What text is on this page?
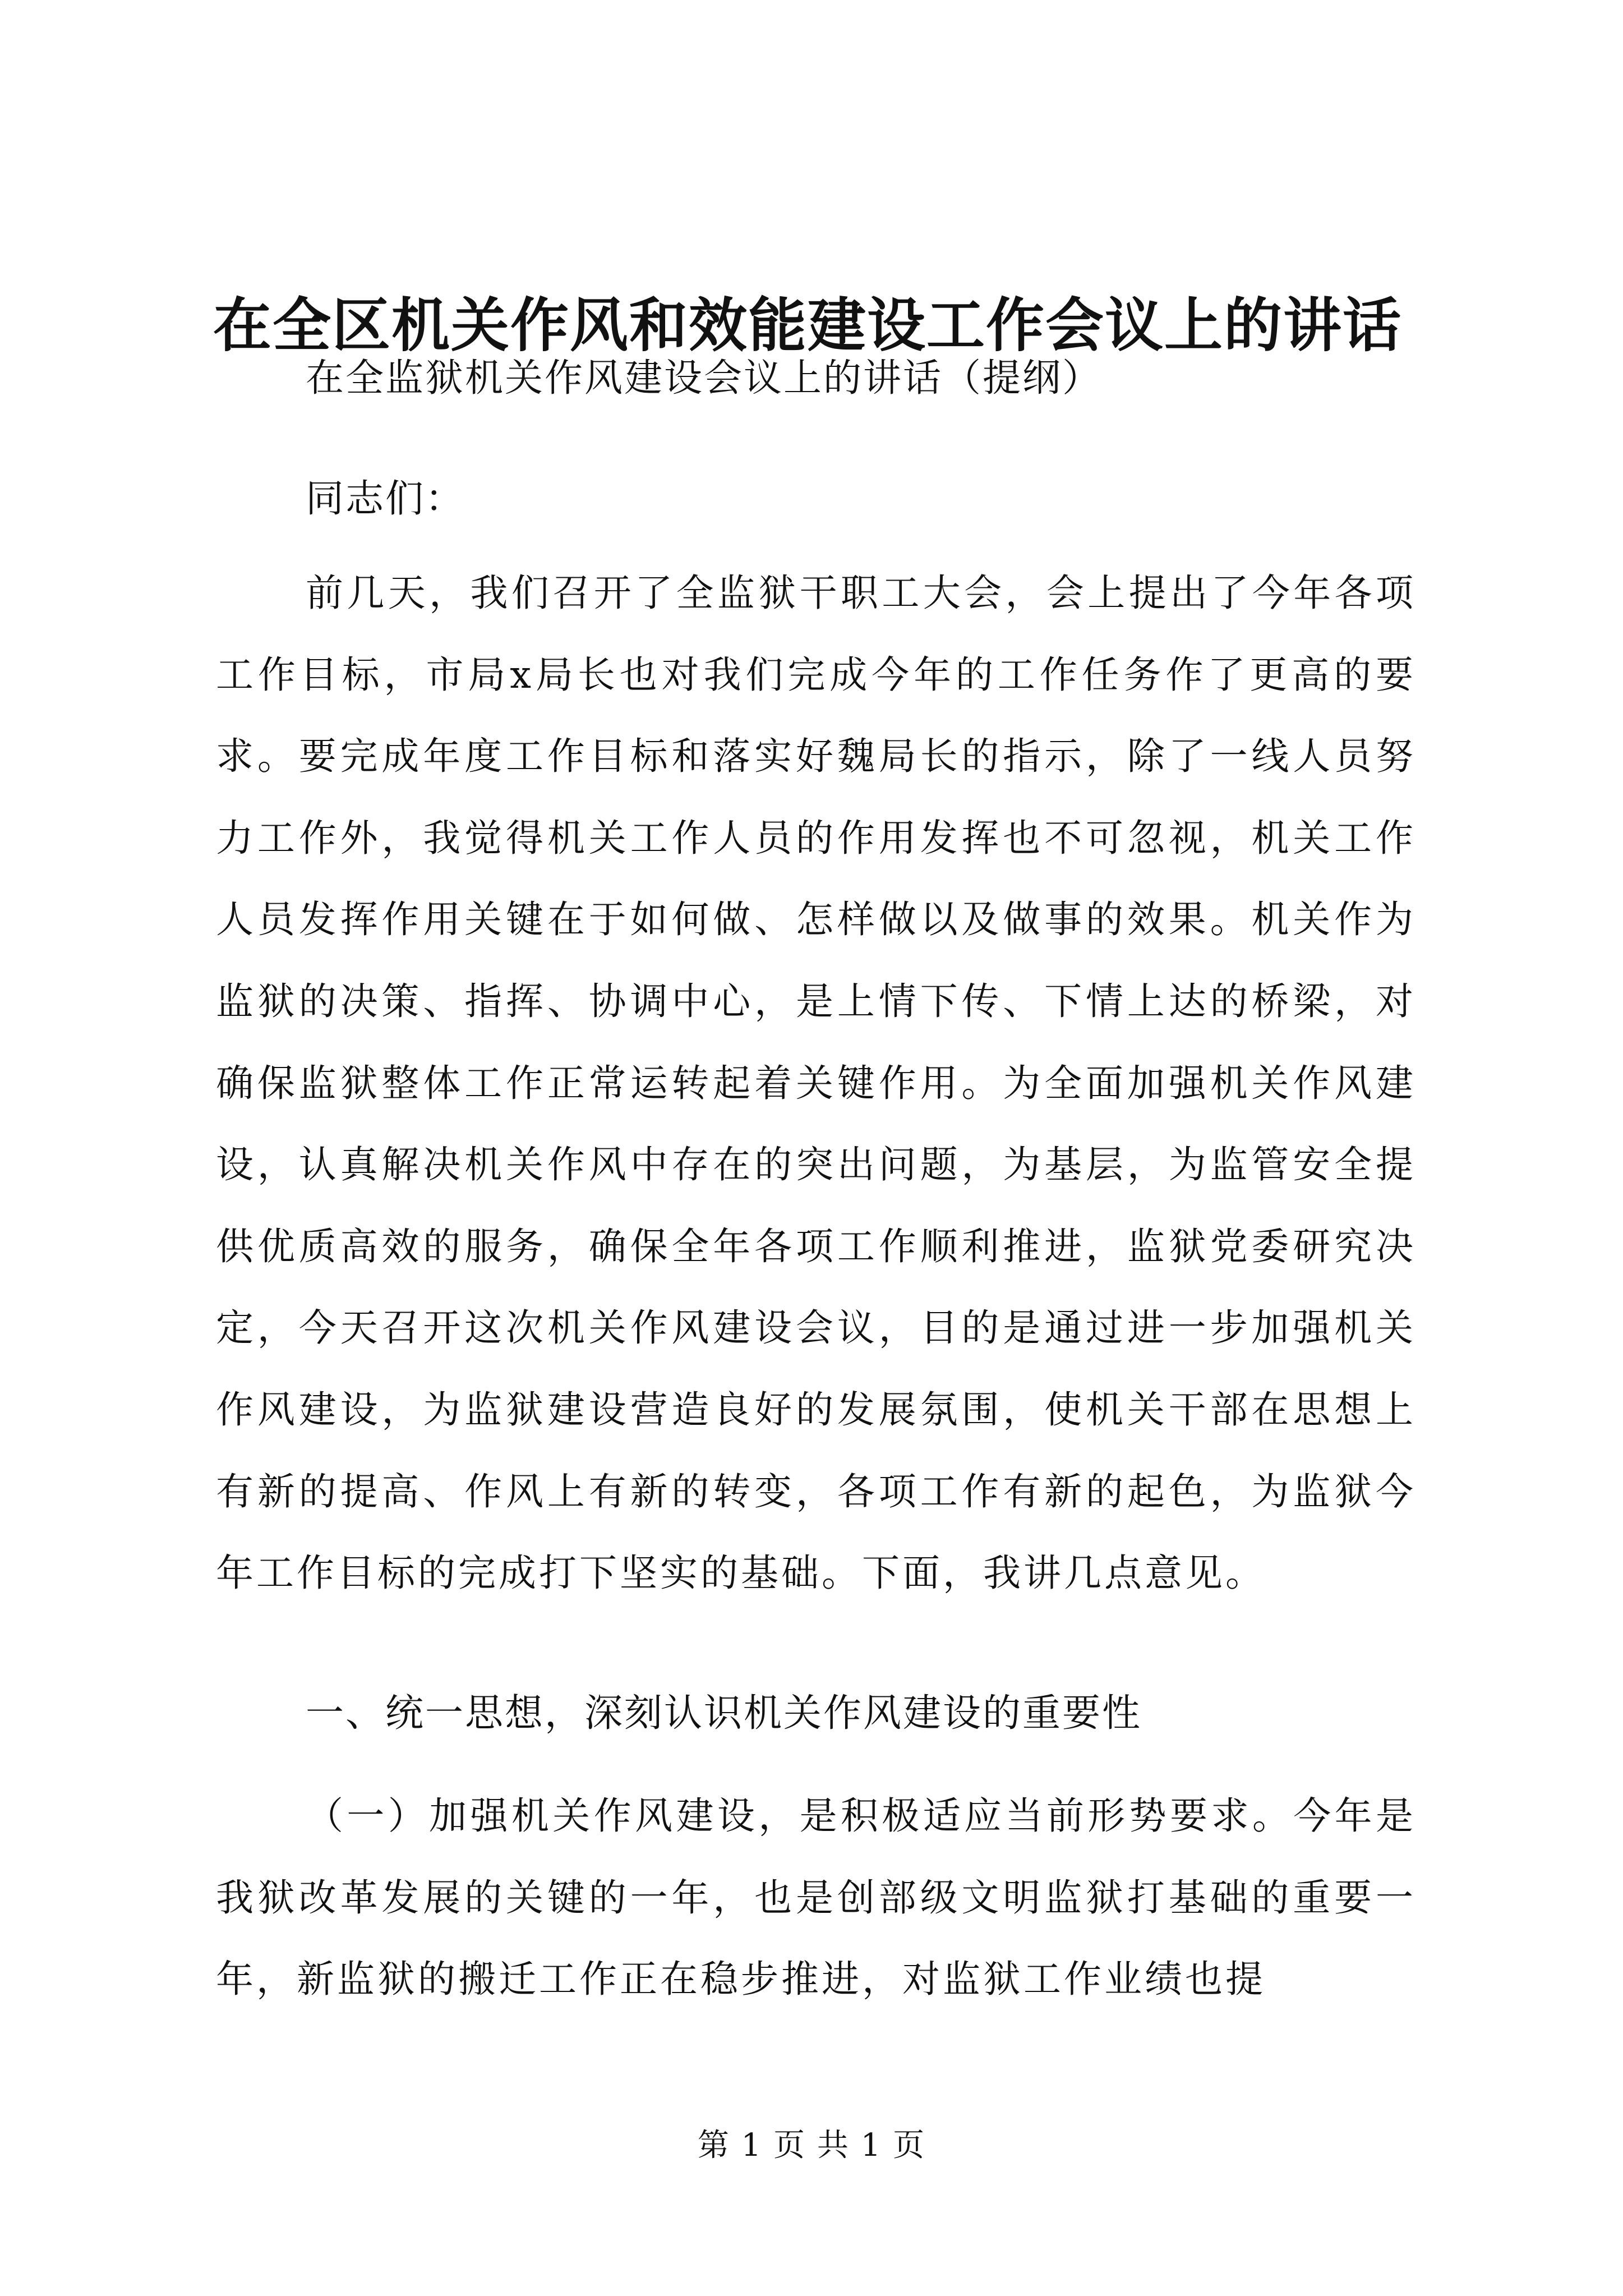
在全区机关作风和效能建设工作会议上的讲话
在全监狱机关作风建设会议上的讲话（提纲）
同志们：

前几天，我们召开了全监狱干职工大会，会上提出了今年各项工作目标，市局x局长也对我们完成今年的工作任务作了更高的要求。要完成年度工作目标和落实好魏局长的指示，除了一线人员努力工作外，我觉得机关工作人员的作用发挥也不可忽视，机关工作人员发挥作用关键在于如何做、怎样做以及做事的效果。机关作为监狱的决策、指挥、协调中心，是上情下传、下情上达的桥梁，对确保监狱整体工作正常运转起着关键作用。为全面加强机关作风建设，认真解决机关作风中存在的突出问题，为基层，为监管安全提供优质高效的服务，确保全年各项工作顺利推进，监狱党委研究决定，今天召开这次机关作风建设会议，目的是通过进一步加强机关作风建设，为监狱建设营造良好的发展氛围，使机关干部在思想上有新的提高、作风上有新的转变，各项工作有新的起色，为监狱今年工作目标的完成打下坚实的基础。下面，我讲几点意见。

一、统一思想，深刻认识机关作风建设的重要性

（一）加强机关作风建设，是积极适应当前形势要求。今年是我狱改革发展的关键的一年，也是创部级文明监狱打基础的重要一年，新监狱的搬迁工作正在稳步推进，对监狱工作业绩也提

第 1 页 共 1 页
